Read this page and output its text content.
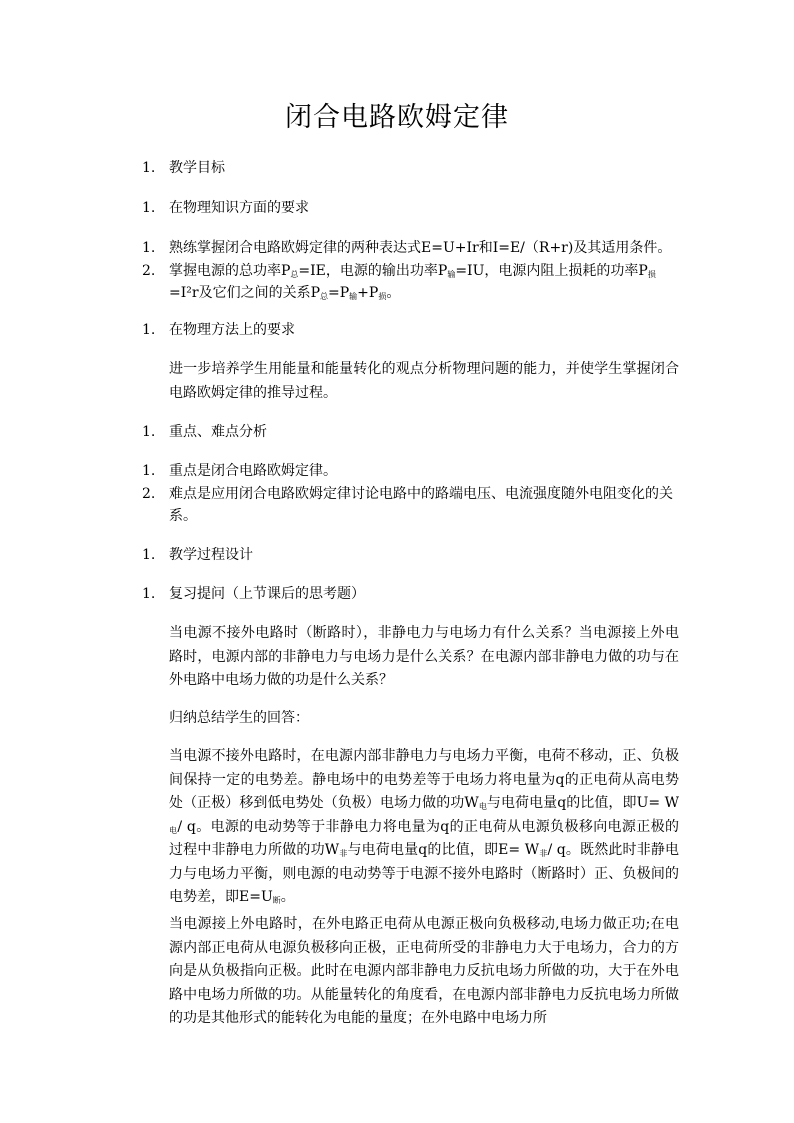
闭合电路欧姆定律
1. 教学目标
1. 在物理知识方面的要求
1. 熟练掌握闭合电路欧姆定律的两种表达式E=U+Ir和I=E/（R+r)及其适用条件。
2. 掌握电源的总功率$P_总=IE$，电源的输出功率$P_输=IU$，电源内阻上损耗的功率$P_损=I^2r$及它们之间的关系$P_总=P_输+P_损$。
1. 在物理方法上的要求
进一步培养学生用能量和能量转化的观点分析物理问题的能力，并使学生掌握闭合电路欧姆定律的推导过程。
1. 重点、难点分析
1. 重点是闭合电路欧姆定律。
2. 难点是应用闭合电路欧姆定律讨论电路中的路端电压、电流强度随外电阻变化的关系。
1. 教学过程设计
1. 复习提问（上节课后的思考题）
当电源不接外电路时（断路时），非静电力与电场力有什么关系？当电源接上外电路时，电源内部的非静电力与电场力是什么关系？在电源内部非静电力做的功与在外电路中电场力做的功是什么关系？
归纳总结学生的回答：
当电源不接外电路时，在电源内部非静电力与电场力平衡，电荷不移动，正、负极间保持一定的电势差。静电场中的电势差等于电场力将电量为q的正电荷从高电势处（正极）移到低电势处（负极）电场力做的功$W_电$与电荷电量q的比值，即$U= W_电/$ q。电源的电动势等于非静电力将电量为q的正电荷从电源负极移向电源正极的过程中非静电力所做的功$W_非$与电荷电量q的比值，即$E= W_非/$ q。既然此时非静电力与电场力平衡，则电源的电动势等于电源不接外电路时（断路时）正、负极间的电势差，即$E=U_断$。
当电源接上外电路时，在外电路正电荷从电源正极向负极移动,电场力做正功;在电源内部正电荷从电源负极移向正极，正电荷所受的非静电力大于电场力，合力的方向是从负极指向正极。此时在电源内部非静电力反抗电场力所做的功，大于在外电路中电场力所做的功。从能量转化的角度看，在电源内部非静电力反抗电场力所做的功是其他形式的能转化为电能的量度；在外电路中电场力所
